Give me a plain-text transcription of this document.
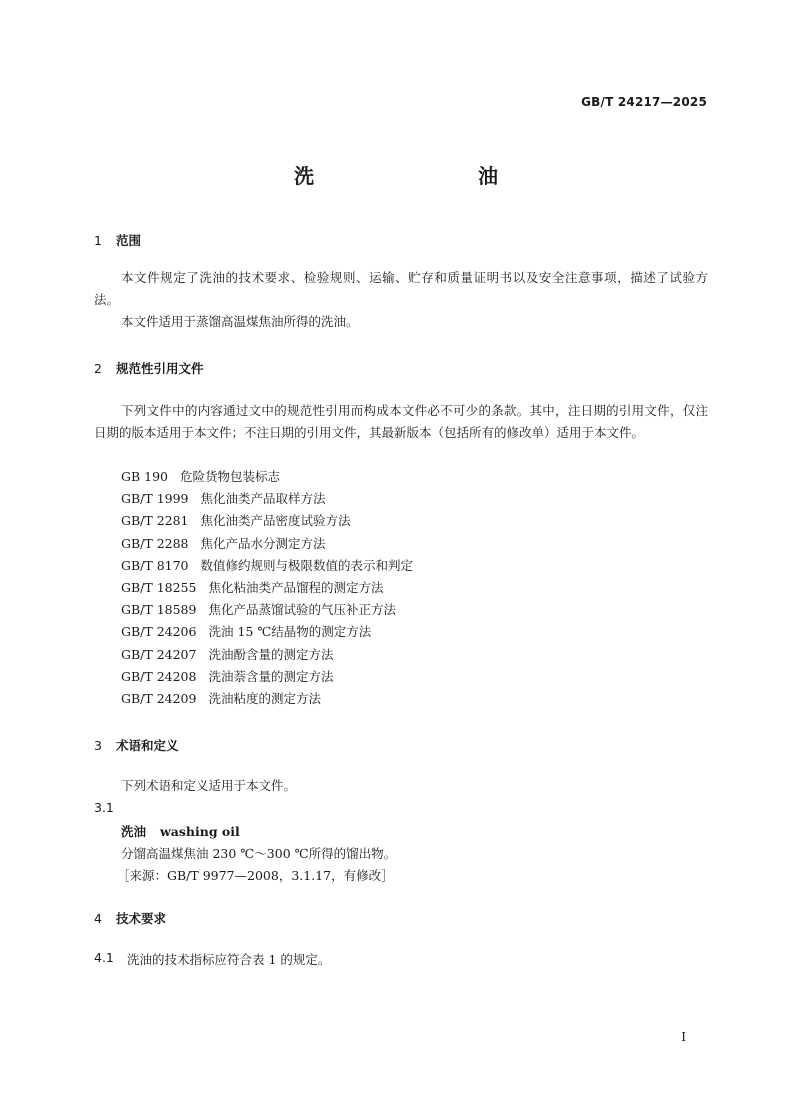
GB/T 24217—2025
洗　油
1 范围

本文件规定了洗油的技术要求、检验规则、运输、贮存和质量证明书以及安全注意事项，描述了试验方法。

本文件适用于蒸馏高温煤焦油所得的洗油。

2 规范性引用文件

下列文件中的内容通过文中的规范性引用而构成本文件必不可少的条款。其中，注日期的引用文件，仅注日期的版本适用于本文件；不注日期的引用文件，其最新版本（包括所有的修改单）适用于本文件。

GB 190 危险货物包装标志
GB/T 1999 焦化油类产品取样方法
GB/T 2281 焦化油类产品密度试验方法
GB/T 2288 焦化产品水分测定方法
GB/T 8170 数值修约规则与极限数值的表示和判定
GB/T 18255 焦化粘油类产品馏程的测定方法
GB/T 18589 焦化产品蒸馏试验的气压补正方法
GB/T 24206 洗油 15 ℃结晶物的测定方法
GB/T 24207 洗油酚含量的测定方法
GB/T 24208 洗油萘含量的测定方法
GB/T 24209 洗油粘度的测定方法
3 术语和定义
下列术语和定义适用于本文件。
3.1
洗油 washing oil
分馏高温煤焦油 230 ℃～300 ℃所得的馏出物。
［来源：GB/T 9977—2008，3.1.17，有修改］
4 技术要求
4.1 洗油的技术指标应符合表 1 的规定。
I
